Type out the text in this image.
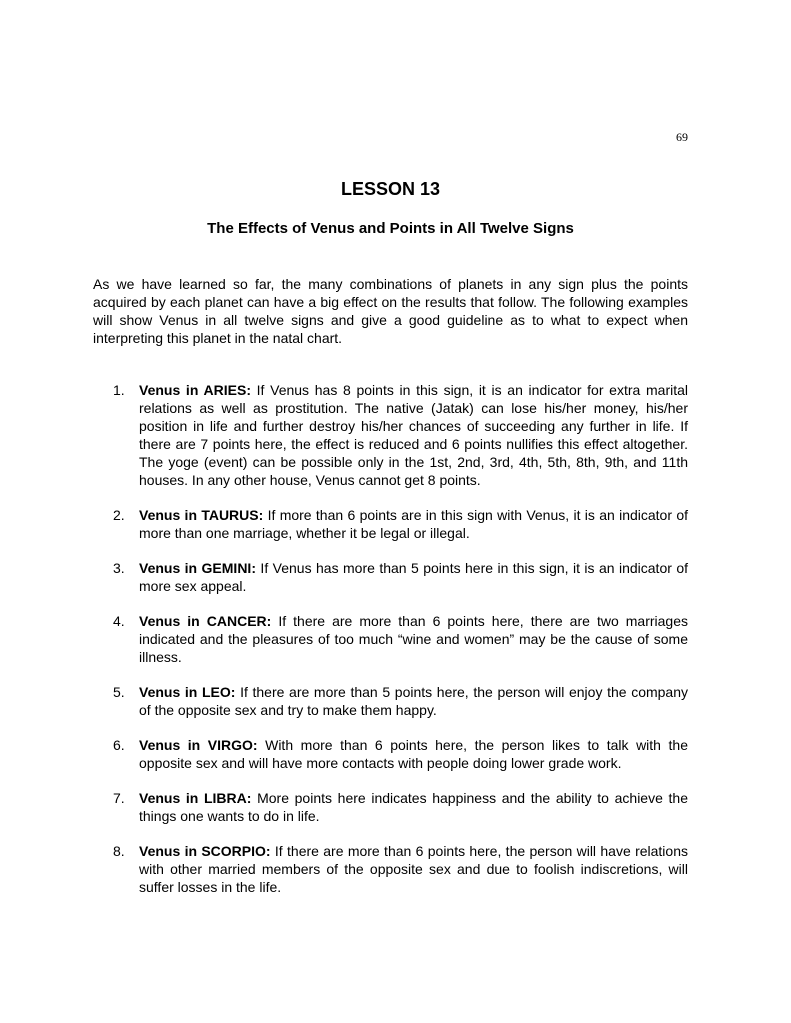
69
LESSON 13
The Effects of Venus and Points in All Twelve Signs

As we have learned so far, the many combinations of planets in any sign plus the points acquired by each planet can have a big effect on the results that follow. The following examples will show Venus in all twelve signs and give a good guideline as to what to expect when interpreting this planet in the natal chart.

1. Venus in ARIES: If Venus has 8 points in this sign, it is an indicator for extra marital relations as well as prostitution. The native (Jatak) can lose his/her money, his/her position in life and further destroy his/her chances of succeeding any further in life. If there are 7 points here, the effect is reduced and 6 points nullifies this effect altogether. The yoge (event) can be possible only in the 1st, 2nd, 3rd, 4th, 5th, 8th, 9th, and 11th houses. In any other house, Venus cannot get 8 points.
2. Venus in TAURUS: If more than 6 points are in this sign with Venus, it is an indicator of more than one marriage, whether it be legal or illegal.
3. Venus in GEMINI: If Venus has more than 5 points here in this sign, it is an indicator of more sex appeal.
4. Venus in CANCER: If there are more than 6 points here, there are two marriages indicated and the pleasures of too much “wine and women” may be the cause of some illness.
5. Venus in LEO: If there are more than 5 points here, the person will enjoy the company of the opposite sex and try to make them happy.
6. Venus in VIRGO: With more than 6 points here, the person likes to talk with the opposite sex and will have more contacts with people doing lower grade work.
7. Venus in LIBRA: More points here indicates happiness and the ability to achieve the things one wants to do in life.
8. Venus in SCORPIO: If there are more than 6 points here, the person will have relations with other married members of the opposite sex and due to foolish indiscretions, will suffer losses in the life.
